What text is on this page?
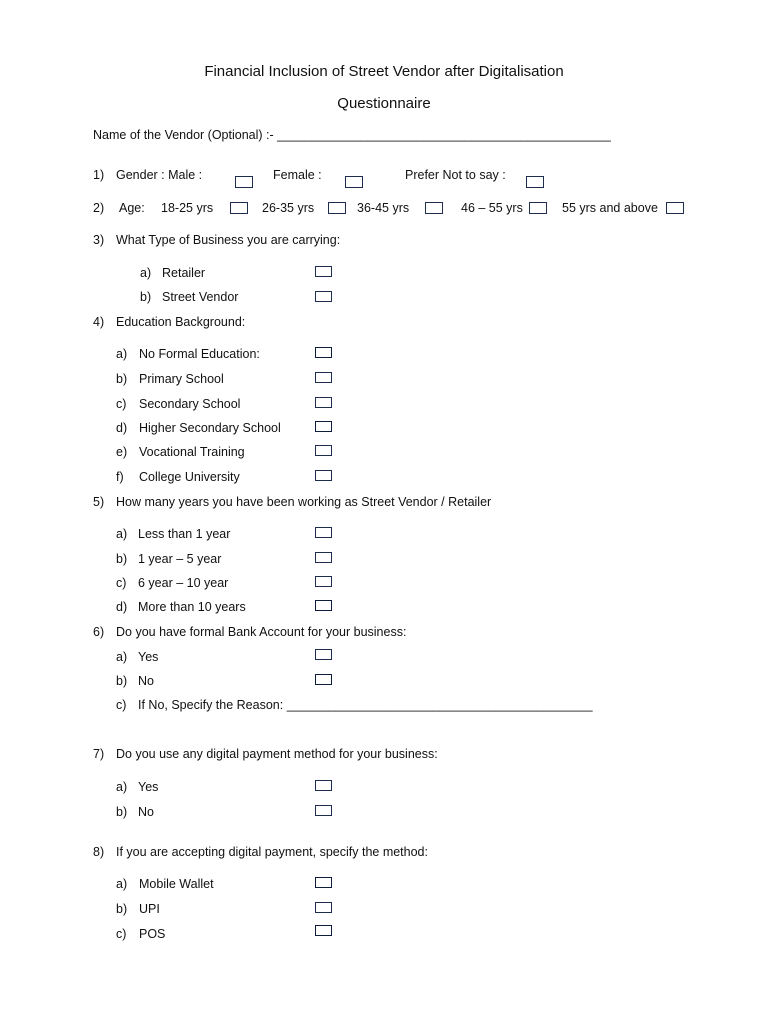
Financial Inclusion of Street Vendor after Digitalisation
Questionnaire
Name of the Vendor (Optional) :- ________________________________________________
1) Gender : Male :	Female :	Prefer Not to say :
2) Age: 18-25 yrs	26-35 yrs	36-45 yrs	46 – 55 yrs	55 yrs and above
3) What Type of Business you are carrying:
a) Retailer
b) Street Vendor
4) Education Background:
a) No Formal Education:
b) Primary School
c) Secondary School
d) Higher Secondary School
e) Vocational Training
f) College University
5) How many years you have been working as Street Vendor / Retailer
a) Less than 1 year
b) 1 year – 5 year
c) 6 year – 10 year
d) More than 10 years
6) Do you have formal Bank Account for your business:
a) Yes
b) No
c) If No, Specify the Reason: ____________________________________________
7) Do you use any digital payment method for your business:
a) Yes
b) No
8) If you are accepting digital payment, specify the method:
a) Mobile Wallet
b) UPI
c) POS
